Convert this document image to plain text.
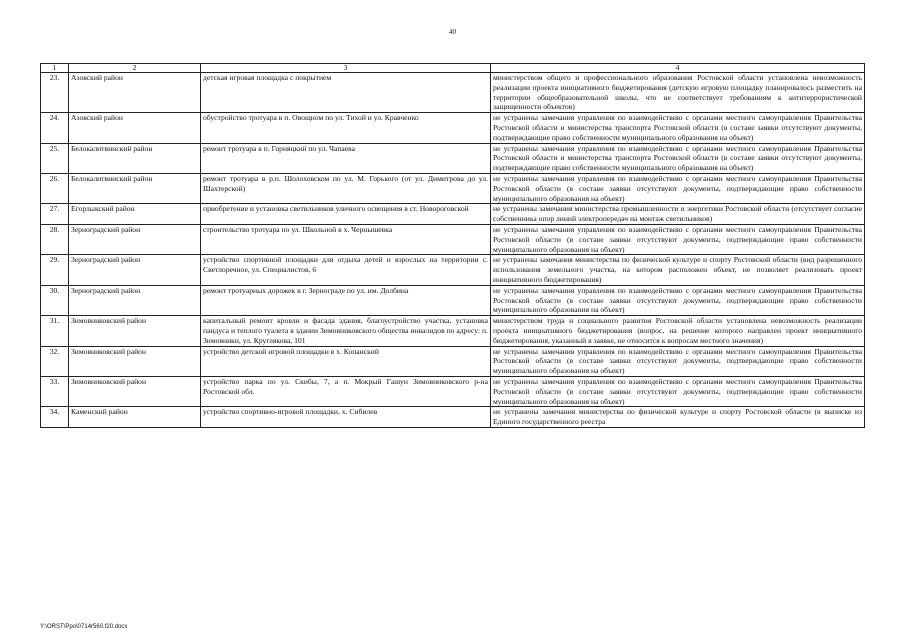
40
1	2	3	4
23.	Азовский район	детская игровая площадка с покрытием	министерством общего и профессионального образования Ростовской области установлена невозможность реализации проекта инициативного бюджетирования (детскую игровую площадку планировалось разместить на территории общеобразовательной школы, что не соответствует требованиям к антитеррористической защищенности объектов)
24.	Азовский район	обустройство тротуара в п. Овощном по ул. Тихой и ул. Кравченко	не устранены замечания управления по взаимодействию с органами местного самоуправления Правительства Ростовской области и министерства транспорта Ростовской области (в составе заявки отсутствуют документы, подтверждающие право собственности муниципального образования на объект)
25.	Белокалитвинский район	ремонт тротуара в п. Горняцкий по ул. Чапаева	не устранены замечания управления по взаимодействию с органами местного самоуправления Правительства Ростовской области и министерства транспорта Ростовской области (в составе заявки отсутствуют документы, подтверждающие право собственности муниципального образования на объект)
26.	Белокалитвинский район	ремонт тротуара в р.п. Шолоховском по ул. М. Горького (от ул. Димитрова до ул. Шахтерской)	не устранены замечания управления по взаимодействию с органами местного самоуправления Правительства Ростовской области (в составе заявки отсутствуют документы, подтверждающие право собственности муниципального образования на объект)
27.	Егорлыкский район	приобретение и установка светильников уличного освещения в ст. Новороговской	не устранены замечания министерства промышленности и энергетики Ростовской области (отсутствует согласие собственника опор линий электропередач на монтаж светильников)
28.	Зерноградский район	строительство тротуара по ул. Школьной в х. Чернышевка	не устранены замечания управления по взаимодействию с органами местного самоуправления Правительства Ростовской области (в составе заявки отсутствуют документы, подтверждающие право собственности муниципального образования на объект)
29.	Зерноградский район	устройство спортивной площадки для отдыха детей и взрослых на территории с. Светлоречное, ул. Специалистов, 6	не устранены замечания министерства по физической культуре и спорту Ростовской области (вид разрешенного использования земельного участка, на котором расположен объект, не позволяет реализовать проект инициативного бюджетирования)
30.	Зерноградский район	ремонт тротуарных дорожек в г. Зернограде по ул. им. Долбина	не устранены замечания управления по взаимодействию с органами местного самоуправления Правительства Ростовской области (в составе заявки отсутствуют документы, подтверждающие право собственности муниципального образования на объект)
31.	Зимовниковский район	капитальный ремонт кровли и фасада здания, благоустройство участка, установка пандуса и теплого туалета в здании Зимовниковского общества инвалидов по адресу: п. Зимовники, ул. Круглякова, 101	министерством труда и социального развития Ростовской области установлена невозможность реализации проекта инициативного бюджетирования (вопрос, на решение которого направлен проект инициативного бюджетирования, указанный в заявке, не относится к вопросам местного значения)
32.	Зимовниковский район	устройство детской игровой площадки в х. Копанский	не устранены замечания управления по взаимодействию с органами местного самоуправления Правительства Ростовской области (в составе заявки отсутствуют документы, подтверждающие право собственности муниципального образования на объект)
33.	Зимовниковский район	устройство парка по ул. Скибы, 7, а п. Мокрый Гашун Зимовниковского р-на Ростовской обл.	не устранены замечания управления по взаимодействию с органами местного самоуправления Правительства Ростовской области (в составе заявки отсутствуют документы, подтверждающие право собственности муниципального образования на объект)
34.	Каменский район	устройство спортивно-игровой площадки, х. Сибилев	не устранены замечания министерства по физической культуре и спорту Ростовской области (в выписке из Единого государственного реестра
Y:\ORST\Ppo\0714r560.f20.docx
